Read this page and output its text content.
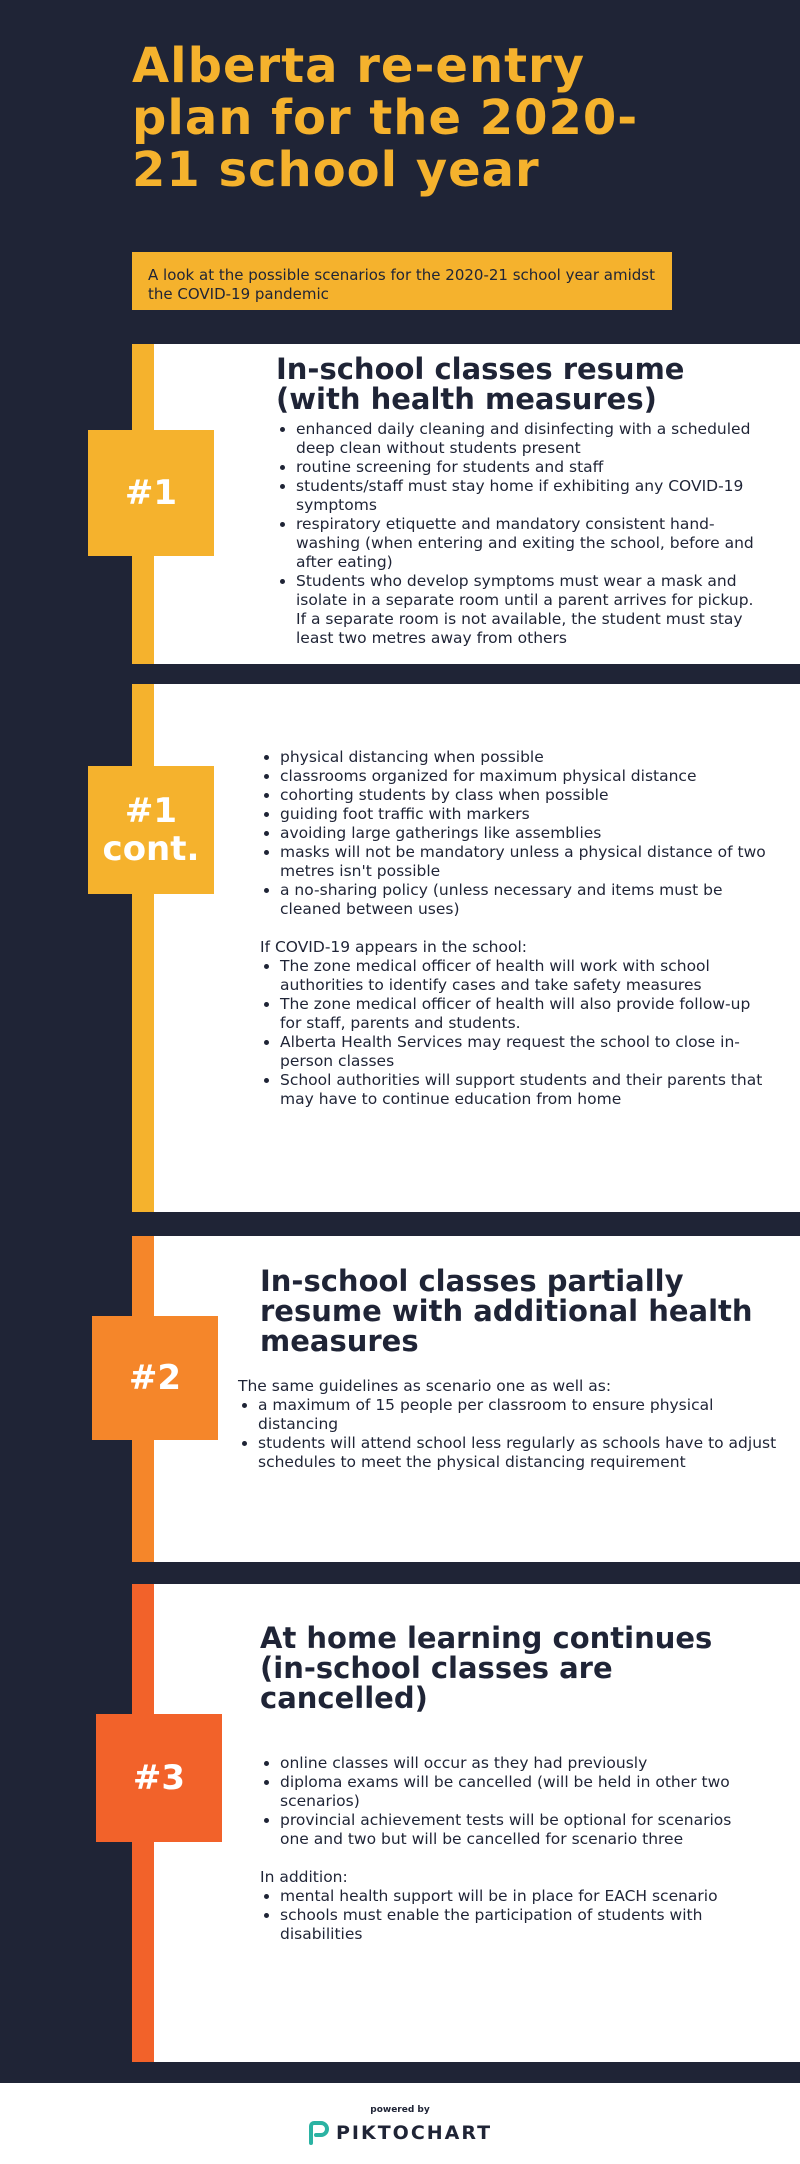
Alberta re-entry plan for the 2020-21 school year
A look at the possible scenarios for the 2020-21 school year amidst the COVID-19 pandemic
#1
In-school classes resume (with health measures)
• enhanced daily cleaning and disinfecting with a scheduled deep clean without students present
• routine screening for students and staff
• students/staff must stay home if exhibiting any COVID-19 symptoms
• respiratory etiquette and mandatory consistent hand-washing (when entering and exiting the school, before and after eating)
• Students who develop symptoms must wear a mask and isolate in a separate room until a parent arrives for pickup. If a separate room is not available, the student must stay least two metres away from others
#1 cont.
• physical distancing when possible
• classrooms organized for maximum physical distance
• cohorting students by class when possible
• guiding foot traffic with markers
• avoiding large gatherings like assemblies
• masks will not be mandatory unless a physical distance of two metres isn't possible
• a no-sharing policy (unless necessary and items must be cleaned between uses)

If COVID-19 appears in the school:

• The zone medical officer of health will work with school authorities to identify cases and take safety measures
• The zone medical officer of health will also provide follow-up for staff, parents and students.
• Alberta Health Services may request the school to close in-person classes
• School authorities will support students and their parents that may have to continue education from home
#2
In-school classes partially resume with additional health measures

The same guidelines as scenario one as well as:

• a maximum of 15 people per classroom to ensure physical distancing
• students will attend school less regularly as schools have to adjust schedules to meet the physical distancing requirement
#3
At home learning continues (in-school classes are cancelled)
• online classes will occur as they had previously
• diploma exams will be cancelled (will be held in other two scenarios)
• provincial achievement tests will be optional for scenarios one and two but will be cancelled for scenario three

In addition:

• mental health support will be in place for EACH scenario
• schools must enable the participation of students with disabilities
powered by
PIKTOCHART
